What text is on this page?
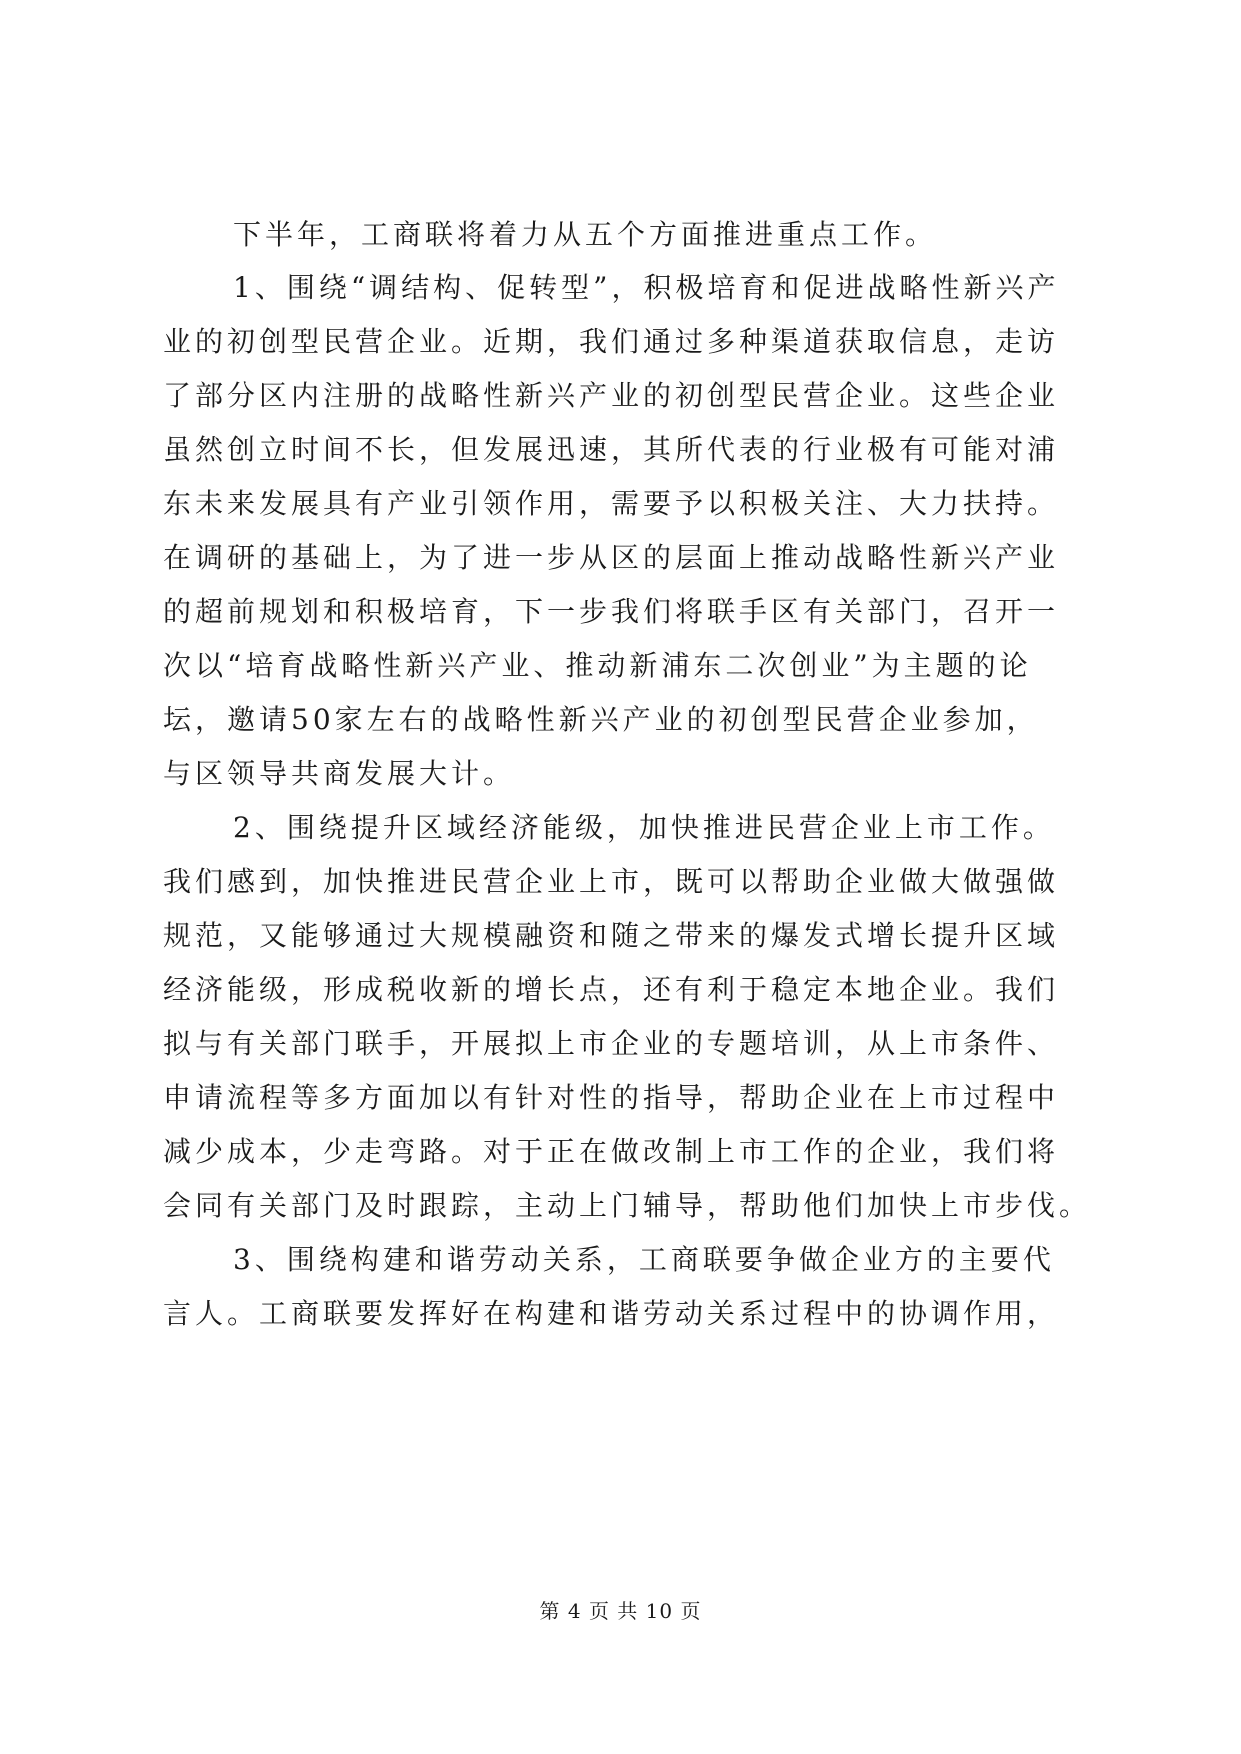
下半年，工商联将着力从五个方面推进重点工作。
1、围绕“调结构、促转型”，积极培育和促进战略性新兴产
业的初创型民营企业。近期，我们通过多种渠道获取信息，走访
了部分区内注册的战略性新兴产业的初创型民营企业。这些企业
虽然创立时间不长，但发展迅速，其所代表的行业极有可能对浦
东未来发展具有产业引领作用，需要予以积极关注、大力扶持。
在调研的基础上，为了进一步从区的层面上推动战略性新兴产业
的超前规划和积极培育，下一步我们将联手区有关部门，召开一
次以“培育战略性新兴产业、推动新浦东二次创业”为主题的论
坛，邀请50家左右的战略性新兴产业的初创型民营企业参加，
与区领导共商发展大计。
2、围绕提升区域经济能级，加快推进民营企业上市工作。
我们感到，加快推进民营企业上市，既可以帮助企业做大做强做
规范，又能够通过大规模融资和随之带来的爆发式增长提升区域
经济能级，形成税收新的增长点，还有利于稳定本地企业。我们
拟与有关部门联手，开展拟上市企业的专题培训，从上市条件、
申请流程等多方面加以有针对性的指导，帮助企业在上市过程中
减少成本，少走弯路。对于正在做改制上市工作的企业，我们将
会同有关部门及时跟踪，主动上门辅导，帮助他们加快上市步伐。
3、围绕构建和谐劳动关系，工商联要争做企业方的主要代
言人。工商联要发挥好在构建和谐劳动关系过程中的协调作用，
第 4 页 共 10 页
